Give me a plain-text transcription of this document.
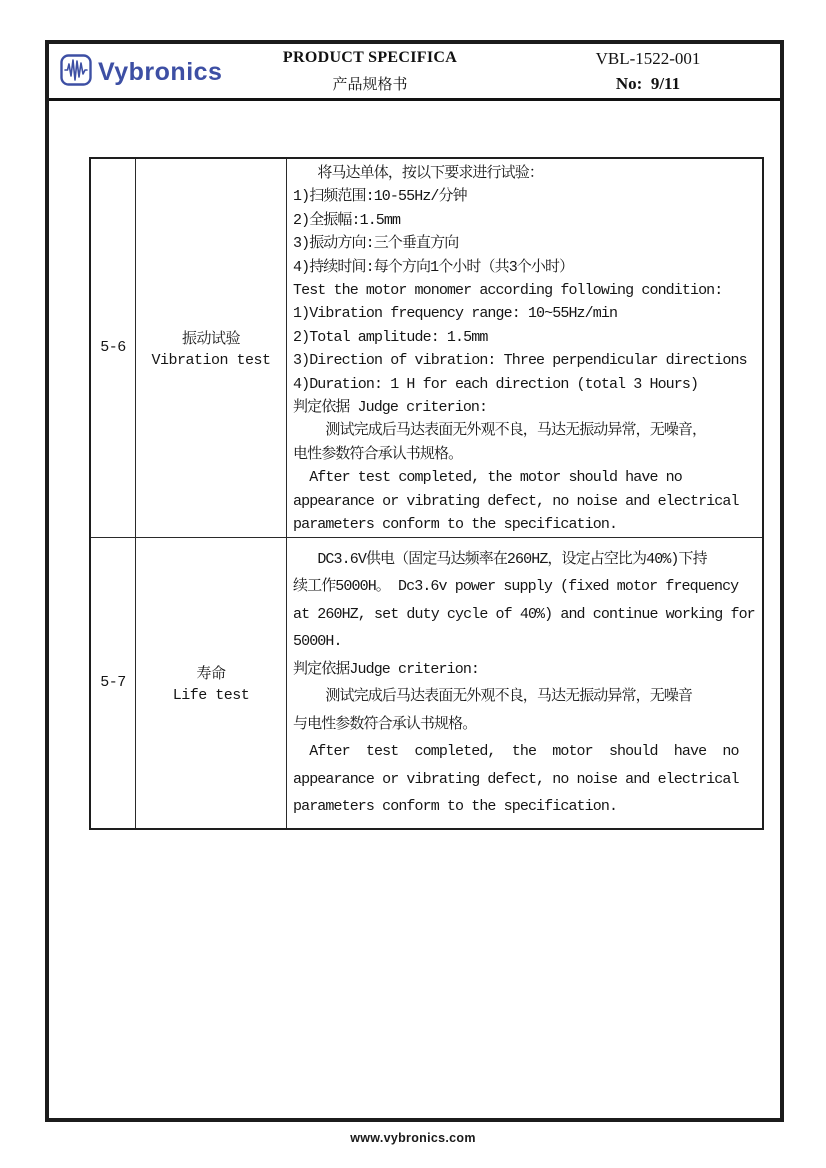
Vybronics
PRODUCT SPECIFICA
产品规格书
VBL-1522-001
No:  9/11
5-6	振动试验
Vibration test

将马达单体，按以下要求进行试验：
1)扫频范围:10-55Hz/分钟
2)全振幅:1.5mm
3)振动方向:三个垂直方向
4)持续时间:每个方向1个小时（共3个小时）
Test the motor monomer according following condition:
1)Vibration frequency range: 10~55Hz/min
2)Total amplitude: 1.5mm
3)Direction of vibration: Three perpendicular directions
4)Duration: 1 H for each direction (total 3 Hours)
判定依据 Judge criterion:
测试完成后马达表面无外观不良，马达无振动异常，无噪音，
电性参数符合承认书规格。
After test completed, the motor should have no
appearance or vibrating defect, no noise and electrical
parameters conform to the specification.

5-7	寿命
Life test

DC3.6V供电（固定马达频率在260HZ，设定占空比为40%)下持
续工作5000H。 Dc3.6v power supply (fixed motor frequency
at 260HZ, set duty cycle of 40%) and continue working for
5000H.
判定依据Judge criterion:
测试完成后马达表面无外观不良，马达无振动异常，无噪音
与电性参数符合承认书规格。
After  test  completed,  the  motor  should  have  no
appearance or vibrating defect, no noise and electrical
parameters conform to the specification.
www.vybronics.com
